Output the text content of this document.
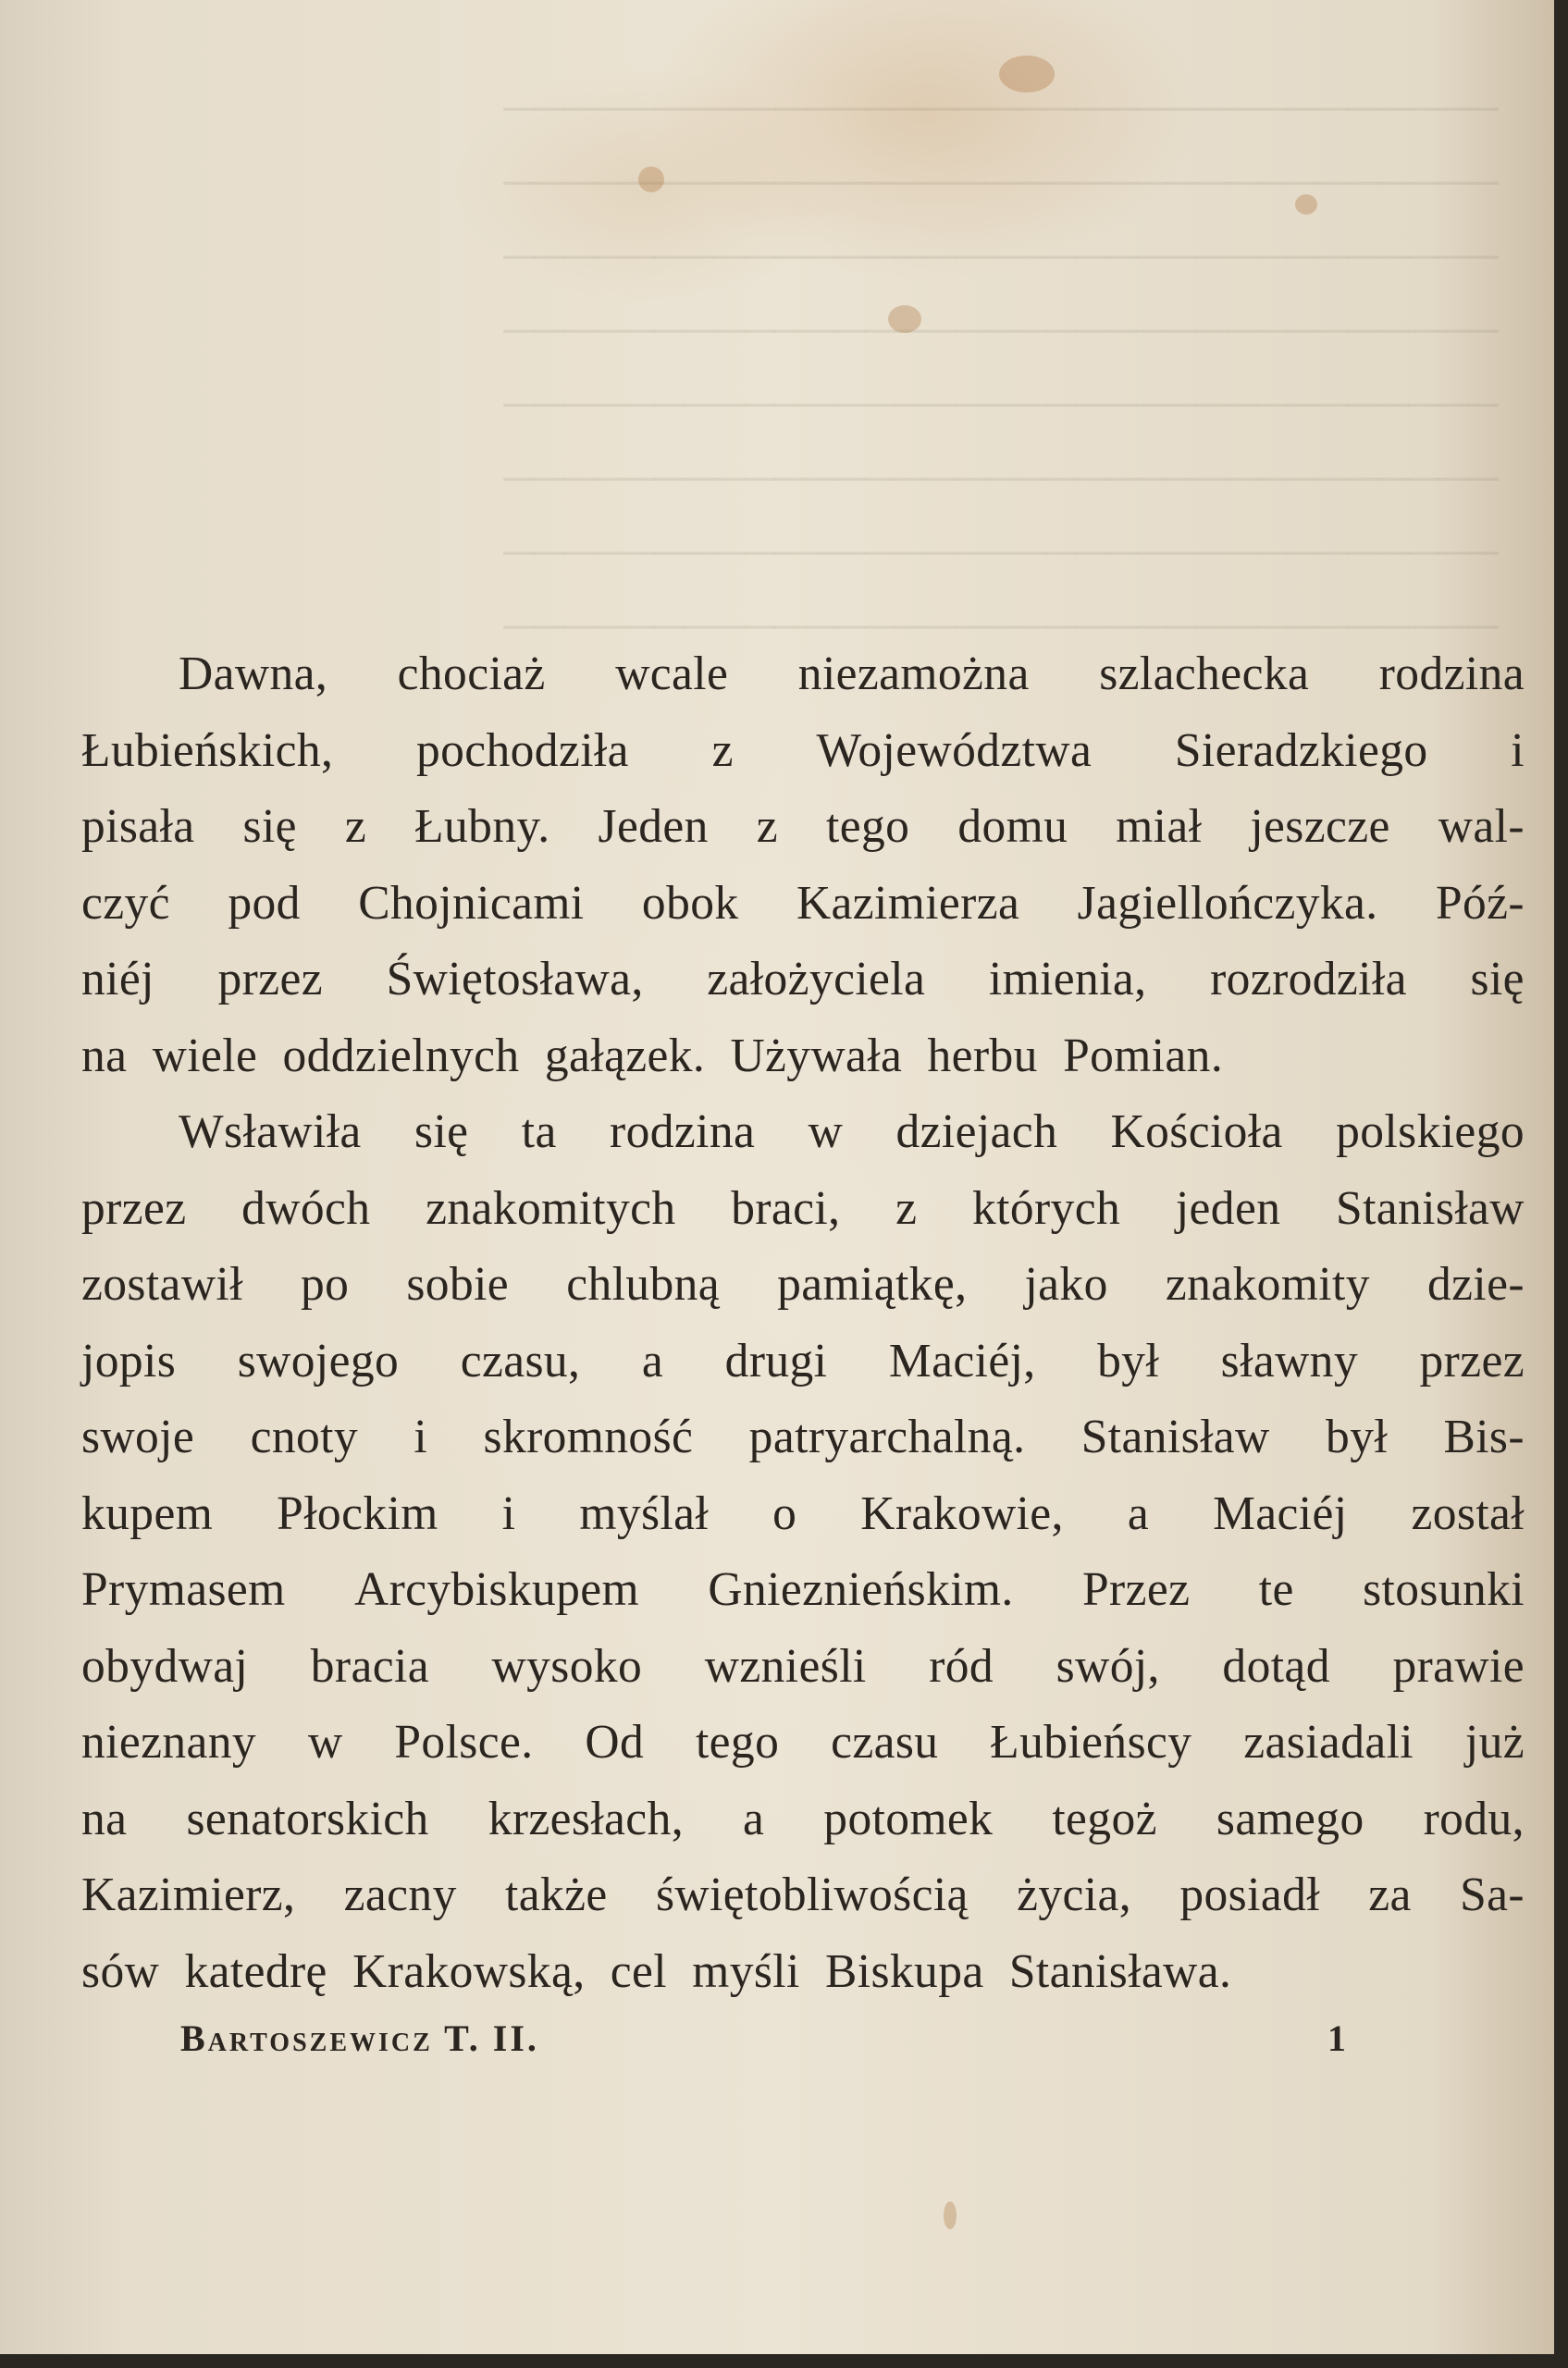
─────────────────────────────────
─────────────────────────────────
─────────────────────────────────
─────────────────────────────────
─────────────────────────────────
─────────────────────────────────
─────────────────────────────────
─────────────────────────────────
Dawna, chociaż wcale niezamożna szlachecka rodzina
Łubieńskich, pochodziła z Województwa Sieradzkiego i
pisała się z Łubny. Jeden z tego domu miał jeszcze wal-
czyć pod Chojnicami obok Kazimierza Jagiellończyka. Póź-
niéj przez Świętosława, założyciela imienia, rozrodziła się
na wiele oddzielnych gałązek. Używała herbu Pomian.
Wsławiła się ta rodzina w dziejach Kościoła polskiego
przez dwóch znakomitych braci, z których jeden Stanisław
zostawił po sobie chlubną pamiątkę, jako znakomity dzie-
jopis swojego czasu, a drugi Maciéj, był sławny przez
swoje cnoty i skromność patryarchalną. Stanisław był Bis-
kupem Płockim i myślał o Krakowie, a Maciéj został
Prymasem Arcybiskupem Gnieznieńskim. Przez te stosunki
obydwaj bracia wysoko wznieśli ród swój, dotąd prawie
nieznany w Polsce. Od tego czasu Łubieńscy zasiadali już
na senatorskich krzesłach, a potomek tegoż samego rodu,
Kazimierz, zacny także świętobliwością życia, posiadł za Sa-
sów katedrę Krakowską, cel myśli Biskupa Stanisława.
Bartoszewicz T. II.	1
